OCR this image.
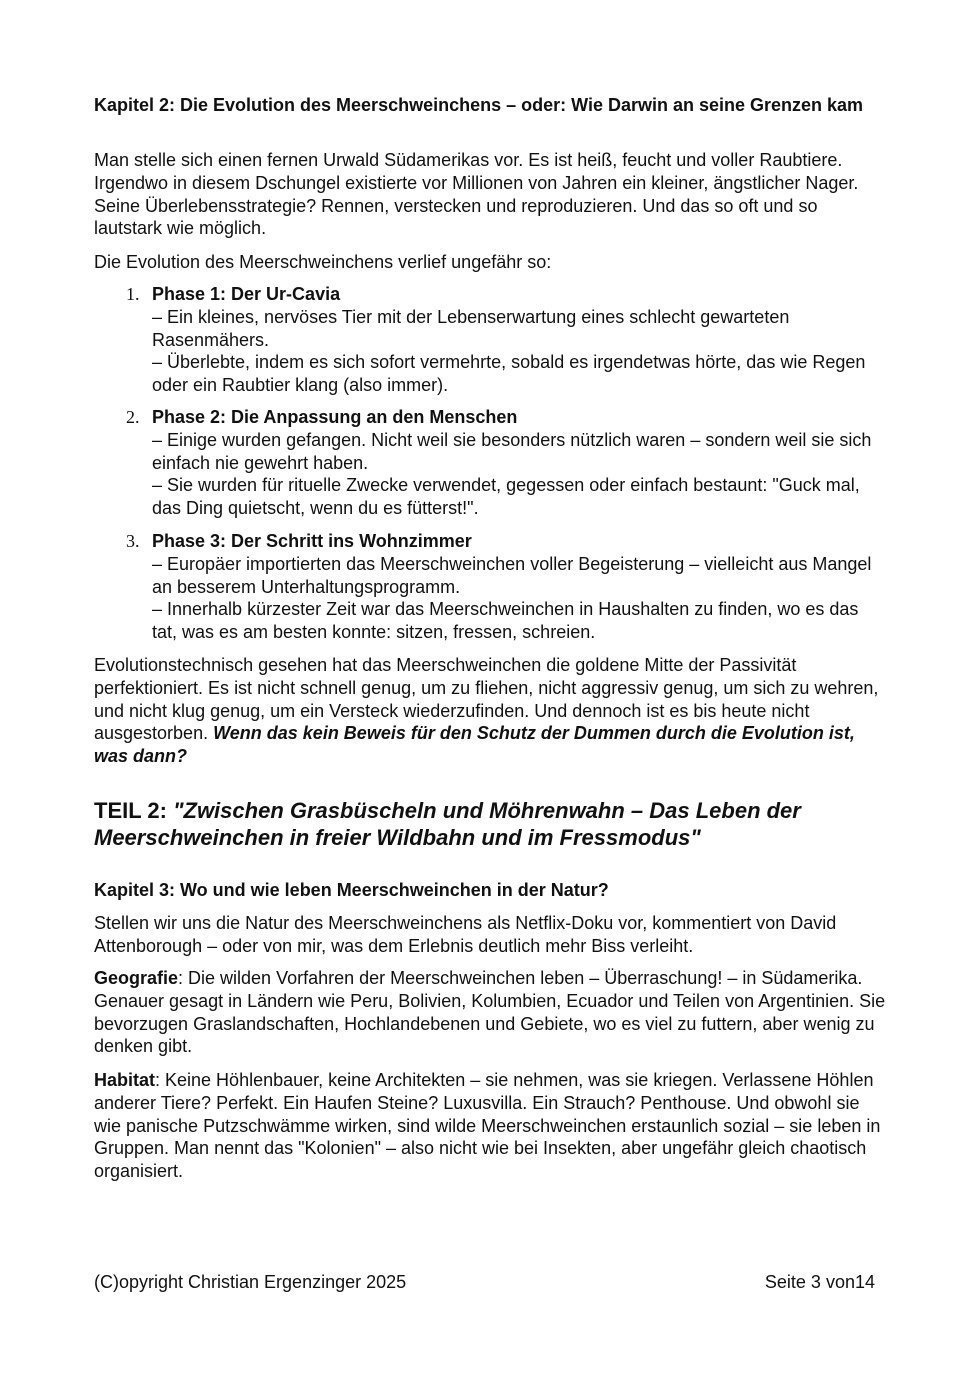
Kapitel 2: Die Evolution des Meerschweinchens – oder: Wie Darwin an seine Grenzen kam

Man stelle sich einen fernen Urwald Südamerikas vor. Es ist heiß, feucht und voller Raubtiere. Irgendwo in diesem Dschungel existierte vor Millionen von Jahren ein kleiner, ängstlicher Nager. Seine Überlebensstrategie? Rennen, verstecken und reproduzieren. Und das so oft und so lautstark wie möglich.

Die Evolution des Meerschweinchens verlief ungefähr so:

1. Phase 1: Der Ur-Cavia
– Ein kleines, nervöses Tier mit der Lebenserwartung eines schlecht gewarteten Rasenmähers.
– Überlebte, indem es sich sofort vermehrte, sobald es irgendetwas hörte, das wie Regen oder ein Raubtier klang (also immer).
2. Phase 2: Die Anpassung an den Menschen
– Einige wurden gefangen. Nicht weil sie besonders nützlich waren – sondern weil sie sich einfach nie gewehrt haben.
– Sie wurden für rituelle Zwecke verwendet, gegessen oder einfach bestaunt: "Guck mal, das Ding quietscht, wenn du es fütterst!".
3. Phase 3: Der Schritt ins Wohnzimmer
– Europäer importierten das Meerschweinchen voller Begeisterung – vielleicht aus Mangel an besserem Unterhaltungsprogramm.
– Innerhalb kürzester Zeit war das Meerschweinchen in Haushalten zu finden, wo es das tat, was es am besten konnte: sitzen, fressen, schreien.

Evolutionstechnisch gesehen hat das Meerschweinchen die goldene Mitte der Passivität perfektioniert. Es ist nicht schnell genug, um zu fliehen, nicht aggressiv genug, um sich zu wehren, und nicht klug genug, um ein Versteck wiederzufinden. Und dennoch ist es bis heute nicht ausgestorben. Wenn das kein Beweis für den Schutz der Dummen durch die Evolution ist, was dann?

TEIL 2: "Zwischen Grasbüscheln und Möhrenwahn – Das Leben der Meerschweinchen in freier Wildbahn und im Fressmodus"
Kapitel 3: Wo und wie leben Meerschweinchen in der Natur?

Stellen wir uns die Natur des Meerschweinchens als Netflix-Doku vor, kommentiert von David Attenborough – oder von mir, was dem Erlebnis deutlich mehr Biss verleiht.

Geografie: Die wilden Vorfahren der Meerschweinchen leben – Überraschung! – in Südamerika. Genauer gesagt in Ländern wie Peru, Bolivien, Kolumbien, Ecuador und Teilen von Argentinien. Sie bevorzugen Graslandschaften, Hochlandebenen und Gebiete, wo es viel zu futtern, aber wenig zu denken gibt.

Habitat: Keine Höhlenbauer, keine Architekten – sie nehmen, was sie kriegen. Verlassene Höhlen anderer Tiere? Perfekt. Ein Haufen Steine? Luxusvilla. Ein Strauch? Penthouse. Und obwohl sie wie panische Putzschwämme wirken, sind wilde Meerschweinchen erstaunlich sozial – sie leben in Gruppen. Man nennt das "Kolonien" – also nicht wie bei Insekten, aber ungefähr gleich chaotisch organisiert.

(C)opyright Christian Ergenzinger 2025	Seite 3 von14
